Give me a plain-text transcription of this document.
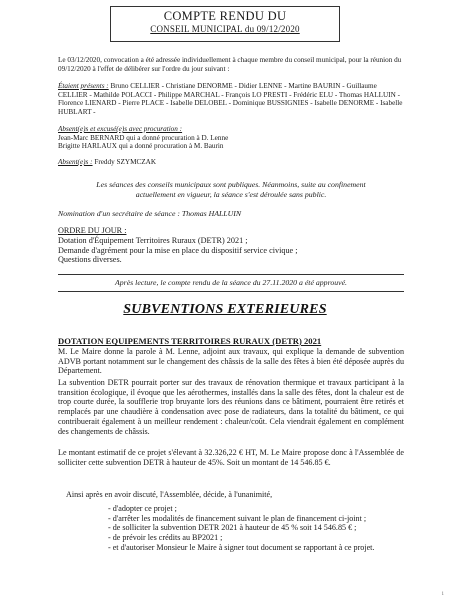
COMPTE RENDU DU
CONSEIL MUNICIPAL du 09/12/2020
Le 03/12/2020, convocation a été adressée individuellement à chaque membre du conseil municipal, pour la réunion du 09/12/2020 à l'effet de délibérer sur l'ordre du jour suivant :
Étaient présents : Bruno CELLIER - Christiane DENORME - Didier LENNE - Martine BAURIN - Guillaume CELLIER - Mathilde POLACCI - Philippe MARCHAL - François LO PRESTI - Frédéric ELU - Thomas HALLUIN - Florence LIENARD - Pierre PLACE - Isabelle DELOBEL - Dominique BUSSIGNIES - Isabelle DENORME - Isabelle HUBLART -
Absent(e)s et excusé(e)s avec procuration :
Jean-Marc BERNARD qui a donné procuration à D. Lenne
Brigitte HARLAUX qui a donné procuration à M. Baurin
Absent(e)s : Freddy SZYMCZAK
Les séances des conseils municipaux sont publiques. Néanmoins, suite au confinement
actuellement en vigueur, la séance s'est déroulée sans public.
Nomination d'un secrétaire de séance : Thomas HALLUIN
ORDRE DU JOUR :
Dotation d'Équipement Territoires Ruraux (DETR) 2021 ;
Demande d'agrément pour la mise en place du dispositif service civique ;
Questions diverses.
Après lecture, le compte rendu de la séance du 27.11.2020 a été approuvé.
SUBVENTIONS EXTERIEURES
DOTATION EQUIPEMENTS TERRITOIRES RURAUX (DETR) 2021
M. Le Maire donne la parole à M. Lenne, adjoint aux travaux, qui explique la demande de subvention ADVB portant notamment sur le changement des châssis de la salle des fêtes à bien été déposée auprès du Département.
La subvention DETR pourrait porter sur des travaux de rénovation thermique et travaux participant à la transition écologique, il évoque que les aérothermes, installés dans la salle des fêtes, dont la chaleur est de trop courte durée, la soufflerie trop bruyante lors des réunions dans ce bâtiment, pourraient être retirés et remplacés par une chaudière à condensation avec pose de radiateurs, dans la totalité du bâtiment, ce qui contribuerait également à un meilleur rendement : chaleur/coût. Cela viendrait également en complément des changements de châssis.
Le montant estimatif de ce projet s'élevant à 32.326,22 € HT, M. Le Maire propose donc à l'Assemblée de solliciter cette subvention DETR à hauteur de 45%. Soit un montant de 14 546.85 €.
Ainsi après en avoir discuté, l'Assemblée, décide, à l'unanimité,
- d'adopter ce projet ;
- d'arrêter les modalités de financement suivant le plan de financement ci-joint ;
- de solliciter la subvention DETR 2021 à hauteur de 45 % soit 14 546.85 € ;
- de prévoir les crédits au BP2021 ;
- et d'autoriser Monsieur le Maire à signer tout document se rapportant à ce projet.
1
